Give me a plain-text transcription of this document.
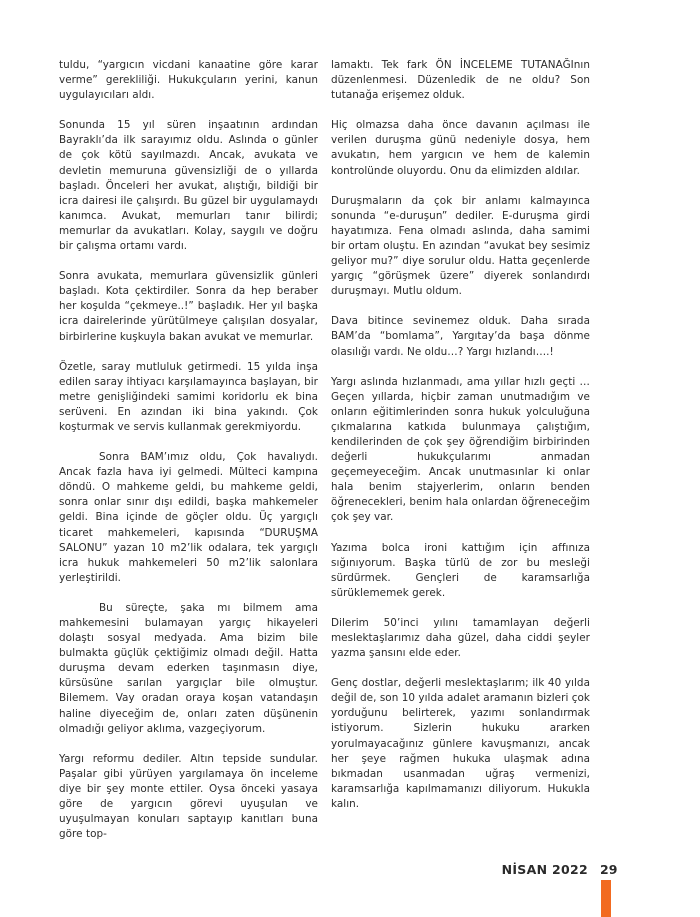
tuldu, “yargıcın vicdani kanaatine göre karar verme” gerekliliği. Hukukçuların yerini, kanun uygulayıcıları aldı.

Sonunda 15 yıl süren inşaatının ardından Bayraklı’da ilk sarayımız oldu. Aslında o günler de çok kötü sayılmazdı. Ancak, avukata ve devletin memuruna güvensizliği de o yıllarda başladı. Önceleri her avukat, alıştığı, bildiği bir icra dairesi ile çalışırdı. Bu güzel bir uygulamaydı kanımca. Avukat, memurları tanır bilirdi; memurlar da avukatları. Kolay, saygılı ve doğru bir çalışma ortamı vardı.

Sonra avukata, memurlara güvensizlik günleri başladı. Kota çektirdiler. Sonra da hep beraber her koşulda “çekmeye..!” başladık. Her yıl başka icra dairelerinde yürütülmeye çalışılan dosyalar, birbirlerine kuşkuyla bakan avukat ve memurlar.

Özetle, saray mutluluk getirmedi. 15 yılda inşa edilen saray ihtiyacı karşılamayınca başlayan, bir metre genişliğindeki samimi koridorlu ek bina serüveni. En azından iki bina yakındı. Çok koşturmak ve servis kullanmak gerekmiyordu.

Sonra BAM’ımız oldu, Çok havalıydı. Ancak fazla hava iyi gelmedi. Mülteci kampına döndü. O mahkeme geldi, bu mahkeme geldi, sonra onlar sınır dışı edildi, başka mahkemeler geldi. Bina içinde de göçler oldu. Üç yargıçlı ticaret mahkemeleri, kapısında “DURUŞMA SALONU” yazan 10 m2’lik odalara, tek yargıçlı icra hukuk mahkemeleri 50 m2’lik salonlara yerleştirildi.

Bu süreçte, şaka mı bilmem ama mahkemesini bulamayan yargıç hikayeleri dolaştı sosyal medyada. Ama bizim bile bulmakta güçlük çektiğimiz olmadı değil. Hatta duruşma devam ederken taşınmasın diye, kürsüsüne sarılan yargıçlar bile olmuştur. Bilemem. Vay oradan oraya koşan vatandaşın haline diyeceğim de, onları zaten düşünenin olmadığı geliyor aklıma, vazgeçiyorum.

Yargı reformu dediler. Altın tepside sundular. Paşalar gibi yürüyen yargılamaya ön inceleme diye bir şey monte ettiler. Oysa önceki yasaya göre de yargıcın görevi uyuşulan ve uyuşulmayan konuları saptayıp kanıtları buna göre top-

lamaktı. Tek fark ÖN İNCELEME TUTANAĞInın düzenlenmesi. Düzenledik de ne oldu? Son tutanağa erişemez olduk.

Hiç olmazsa daha önce davanın açılması ile verilen duruşma günü nedeniyle dosya, hem avukatın, hem yargıcın ve hem de kalemin kontrolünde oluyordu. Onu da elimizden aldılar.

Duruşmaların da çok bir anlamı kalmayınca sonunda “e-duruşun” dediler. E-duruşma girdi hayatımıza. Fena olmadı aslında, daha samimi bir ortam oluştu. En azından “avukat bey sesimiz geliyor mu?” diye sorulur oldu. Hatta geçenlerde yargıç “görüşmek üzere” diyerek sonlandırdı duruşmayı. Mutlu oldum.

Dava bitince sevinemez olduk. Daha sırada BAM’da “bomlama”, Yargıtay’da başa dönme olasılığı vardı. Ne oldu…? Yargı hızlandı….!

Yargı aslında hızlanmadı, ama yıllar hızlı geçti … Geçen yıllarda, hiçbir zaman unutmadığım ve onların eğitimlerinden sonra hukuk yolculuğuna çıkmalarına katkıda bulunmaya çalıştığım, kendilerinden de çok şey öğrendiğim birbirinden değerli hukukçularımı anmadan geçemeyeceğim. Ancak unutmasınlar ki onlar hala benim stajyerlerim, onların benden öğrenecekleri, benim hala onlardan öğreneceğim çok şey var.

Yazıma bolca ironi kattığım için affınıza sığınıyorum. Başka türlü de zor bu mesleği sürdürmek. Gençleri de karamsarlığa sürüklememek gerek.

Dilerim 50’inci yılını tamamlayan değerli meslektaşlarımız daha güzel, daha ciddi şeyler yazma şansını elde eder.

Genç dostlar, değerli meslektaşlarım; ilk 40 yılda değil de, son 10 yılda adalet aramanın bizleri çok yorduğunu belirterek, yazımı sonlandırmak istiyorum. Sizlerin hukuku ararken yorulmayacağınız günlere kavuşmanızı, ancak her şeye rağmen hukuka ulaşmak adına bıkmadan usanmadan uğraş vermenizi, karamsarlığa kapılmamanızı diliyorum. Hukukla kalın.

NİSAN 2022 29
